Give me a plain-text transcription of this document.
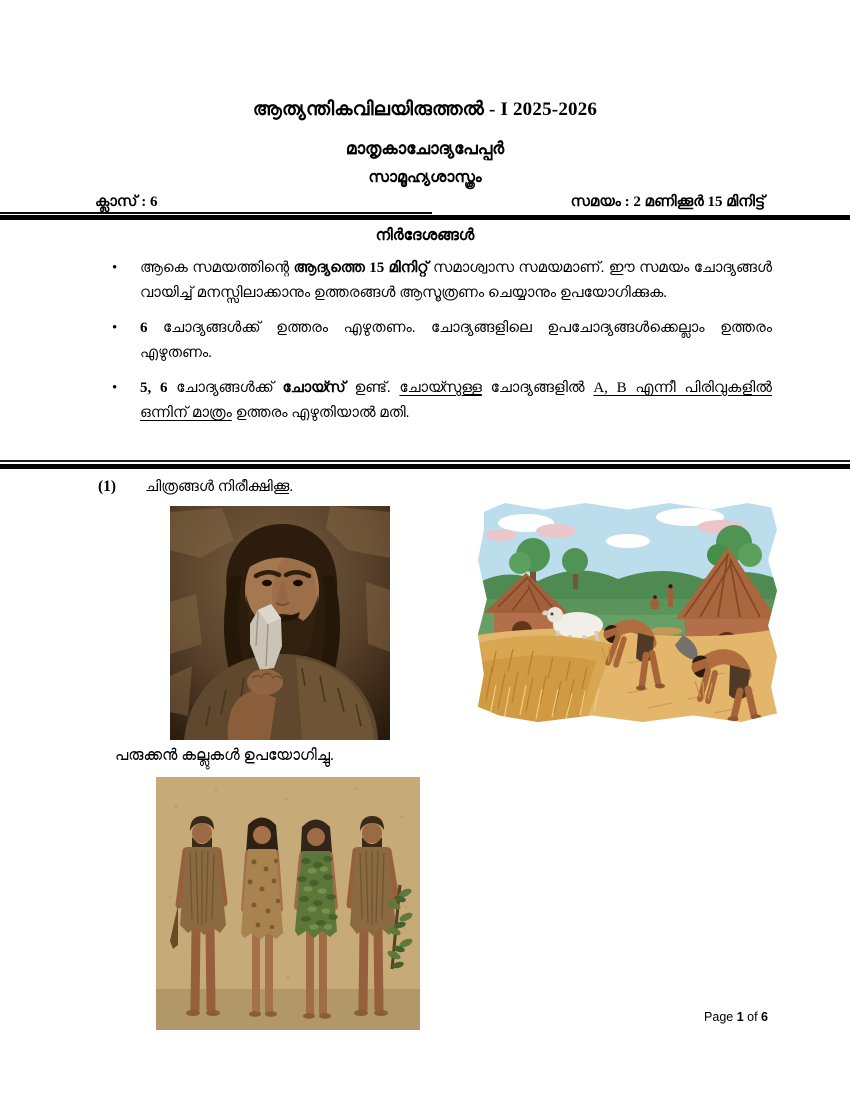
ആത്യന്തികവിലയിരുത്തൽ - I 2025-2026
മാതൃകാചോദ്യപേപ്പർ
സാമൂഹ്യശാസ്ത്രം
ക്ലാസ് : 6	സമയം : 2 മണിക്കൂർ 15 മിനിട്ട്
നിർദേശങ്ങൾ
•	ആകെ സമയത്തിന്റെ ആദ്യത്തെ 15 മിനിറ്റ് സമാശ്വാസ സമയമാണ്. ഈ സമയം ചോദ്യങ്ങൾ വായിച്ച് മനസ്സിലാക്കാനും ഉത്തരങ്ങൾ ആസൂത്രണം ചെയ്യാനും ഉപയോഗിക്കുക.
•	6 ചോദ്യങ്ങൾക്ക് ഉത്തരം എഴുതണം. ചോദ്യങ്ങളിലെ ഉപചോദ്യങ്ങൾക്കെല്ലാം ഉത്തരം എഴുതണം.
•	5, 6 ചോദ്യങ്ങൾക്ക് ചോയ്സ് ഉണ്ട്. ചോയ്സുള്ള ചോദ്യങ്ങളിൽ A, B എന്നീ പിരിവുകളിൽ ഒന്നിന് മാത്രം ഉത്തരം എഴുതിയാൽ മതി.
(1) ചിത്രങ്ങൾ നിരീക്ഷിക്കൂ.
പരുക്കൻ കല്ലുകൾ ഉപയോഗിച്ചു.
Page 1 of 6
